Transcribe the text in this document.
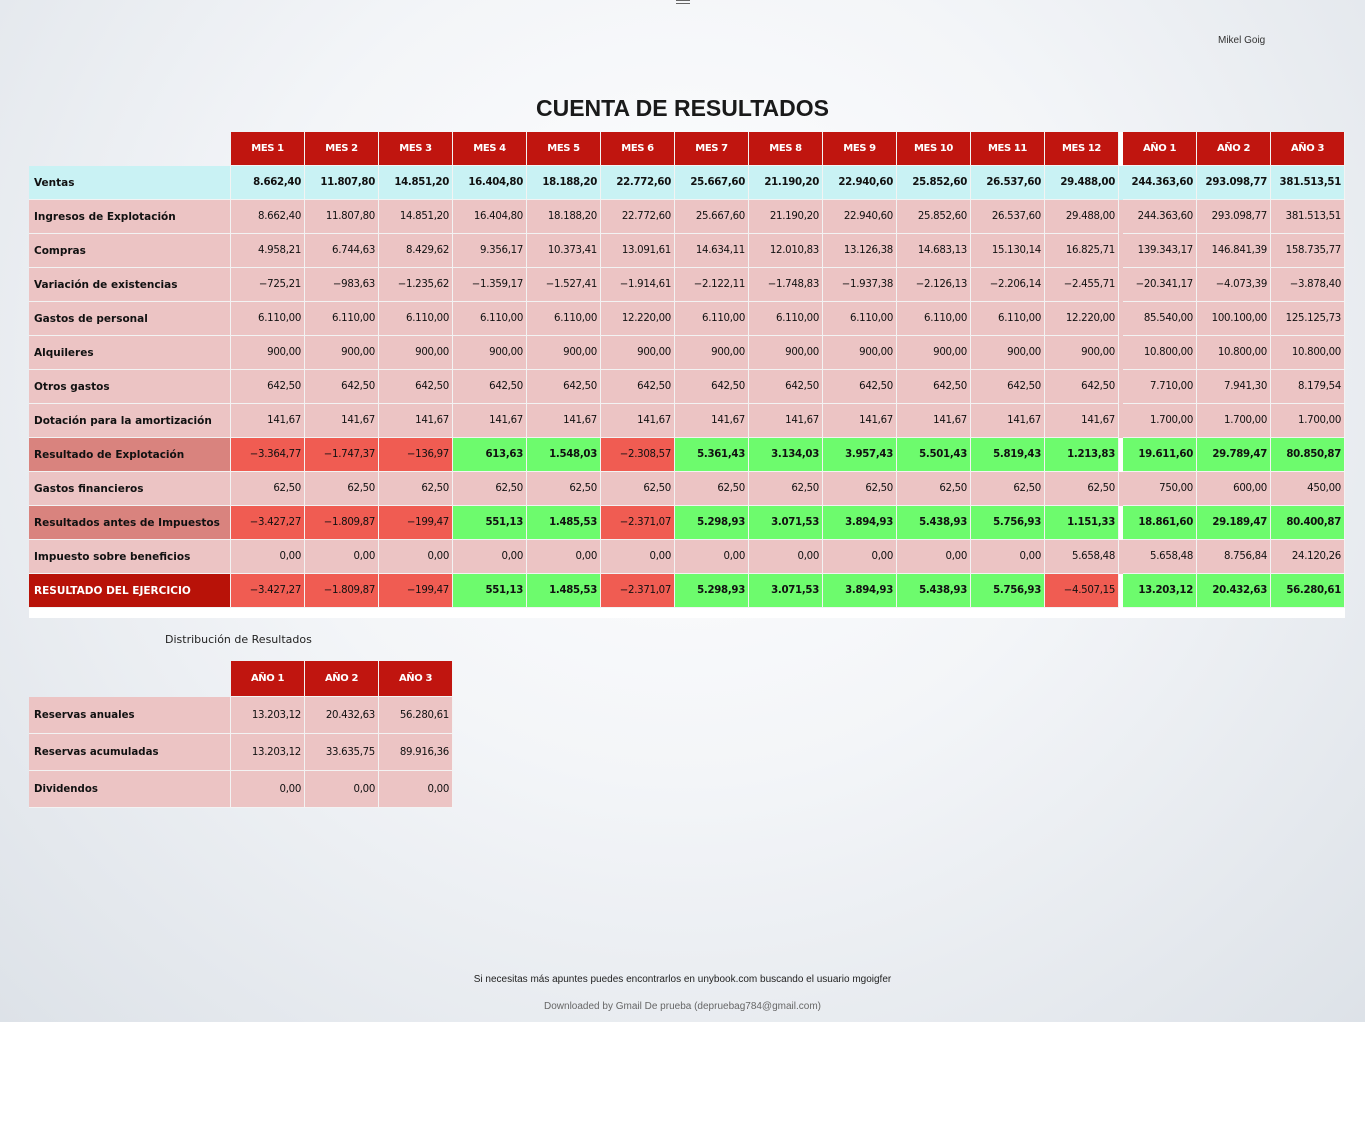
Mikel Goig
CUENTA DE RESULTADOS
	MES 1	MES 2	MES 3	MES 4	MES 5	MES 6	MES 7	MES 8	MES 9	MES 10	MES 11	MES 12		AÑO 1	AÑO 2	AÑO 3
Ventas	8.662,40	11.807,80	14.851,20	16.404,80	18.188,20	22.772,60	25.667,60	21.190,20	22.940,60	25.852,60	26.537,60	29.488,00		244.363,60	293.098,77	381.513,51
Ingresos de Explotación	8.662,40	11.807,80	14.851,20	16.404,80	18.188,20	22.772,60	25.667,60	21.190,20	22.940,60	25.852,60	26.537,60	29.488,00		244.363,60	293.098,77	381.513,51
Compras	4.958,21	6.744,63	8.429,62	9.356,17	10.373,41	13.091,61	14.634,11	12.010,83	13.126,38	14.683,13	15.130,14	16.825,71		139.343,17	146.841,39	158.735,77
Variación de existencias	−725,21	−983,63	−1.235,62	−1.359,17	−1.527,41	−1.914,61	−2.122,11	−1.748,83	−1.937,38	−2.126,13	−2.206,14	−2.455,71		−20.341,17	−4.073,39	−3.878,40
Gastos de personal	6.110,00	6.110,00	6.110,00	6.110,00	6.110,00	12.220,00	6.110,00	6.110,00	6.110,00	6.110,00	6.110,00	12.220,00		85.540,00	100.100,00	125.125,73
Alquileres	900,00	900,00	900,00	900,00	900,00	900,00	900,00	900,00	900,00	900,00	900,00	900,00		10.800,00	10.800,00	10.800,00
Otros gastos	642,50	642,50	642,50	642,50	642,50	642,50	642,50	642,50	642,50	642,50	642,50	642,50		7.710,00	7.941,30	8.179,54
Dotación para la amortización	141,67	141,67	141,67	141,67	141,67	141,67	141,67	141,67	141,67	141,67	141,67	141,67		1.700,00	1.700,00	1.700,00
Resultado de Explotación	−3.364,77	−1.747,37	−136,97	613,63	1.548,03	−2.308,57	5.361,43	3.134,03	3.957,43	5.501,43	5.819,43	1.213,83		19.611,60	29.789,47	80.850,87
Gastos financieros	62,50	62,50	62,50	62,50	62,50	62,50	62,50	62,50	62,50	62,50	62,50	62,50		750,00	600,00	450,00
Resultados antes de Impuestos	−3.427,27	−1.809,87	−199,47	551,13	1.485,53	−2.371,07	5.298,93	3.071,53	3.894,93	5.438,93	5.756,93	1.151,33		18.861,60	29.189,47	80.400,87
Impuesto sobre beneficios	0,00	0,00	0,00	0,00	0,00	0,00	0,00	0,00	0,00	0,00	0,00	5.658,48		5.658,48	8.756,84	24.120,26
RESULTADO DEL EJERCICIO	−3.427,27	−1.809,87	−199,47	551,13	1.485,53	−2.371,07	5.298,93	3.071,53	3.894,93	5.438,93	5.756,93	−4.507,15		13.203,12	20.432,63	56.280,61

Distribución de Resultados
	AÑO 1	AÑO 2	AÑO 3
Reservas anuales	13.203,12	20.432,63	56.280,61
Reservas acumuladas	13.203,12	33.635,75	89.916,36
Dividendos	0,00	0,00	0,00
Si necesitas más apuntes puedes encontrarlos en unybook.com buscando el usuario mgoigfer
Downloaded by Gmail De prueba (depruebag784@gmail.com)
